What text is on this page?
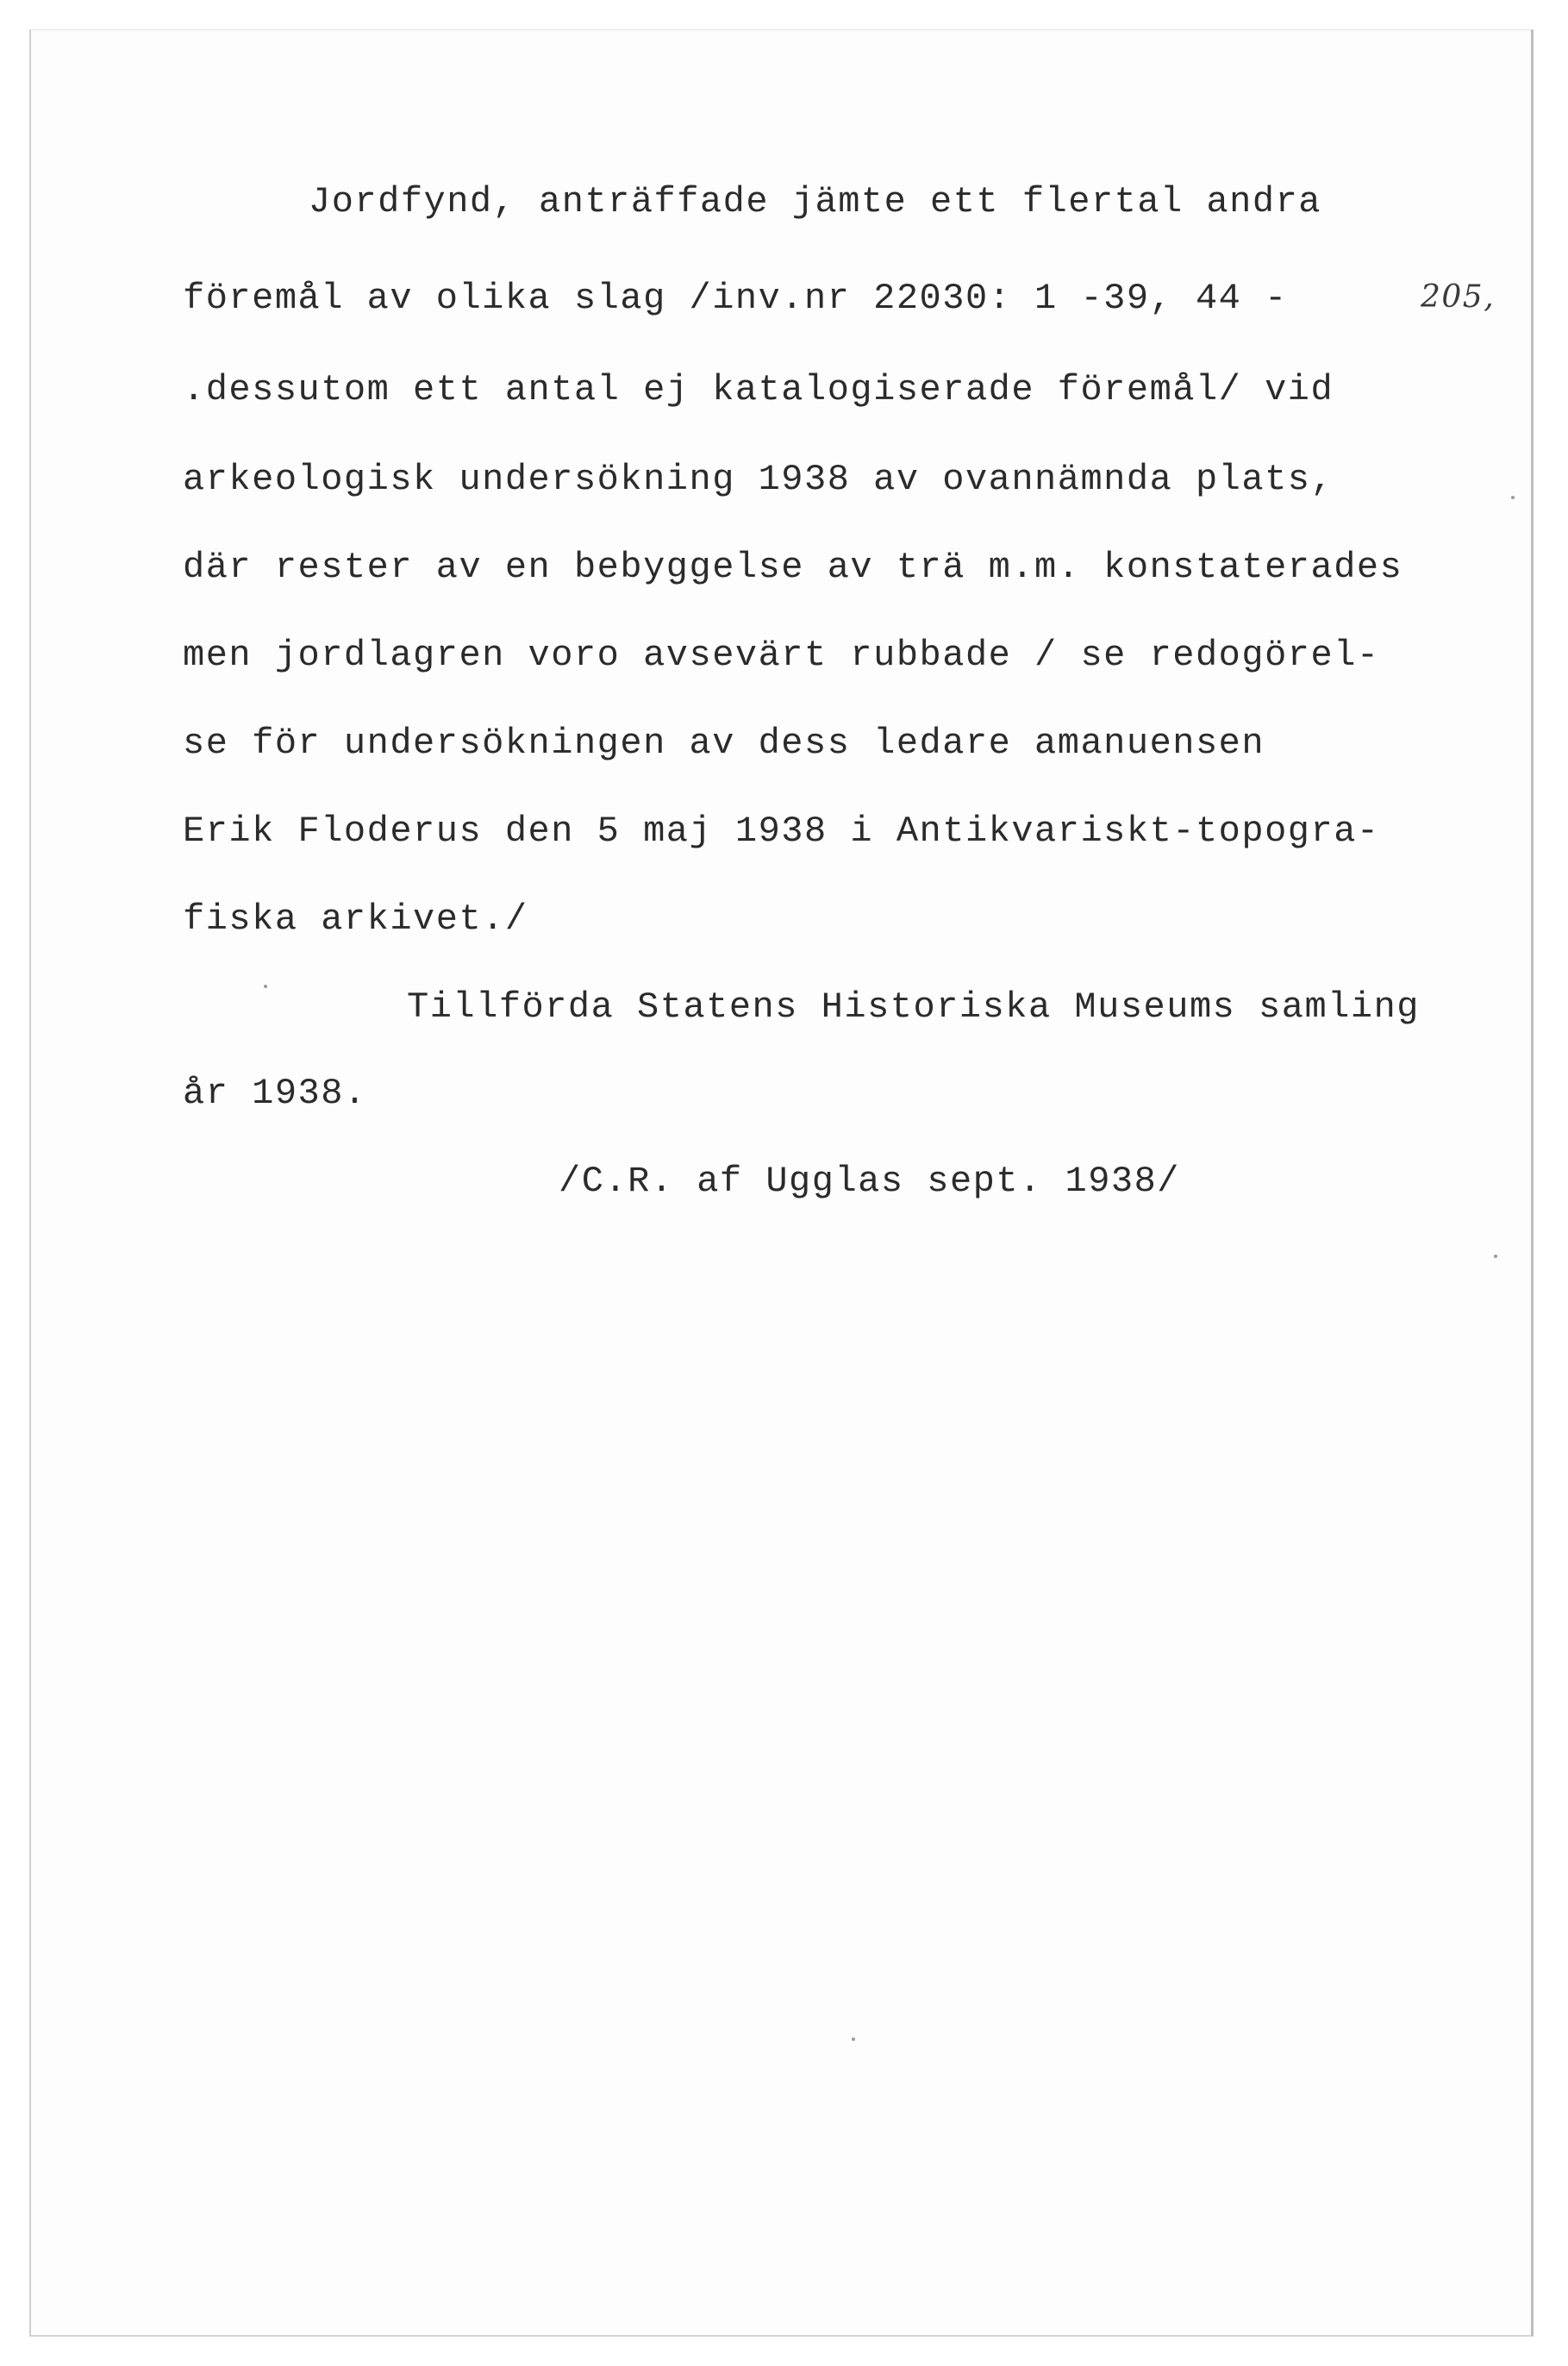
Jordfynd, anträffade jämte ett flertal andra
föremål av olika slag /inv.nr 22030: 1 -39, 44 -	205,
.dessutom ett antal ej katalogiserade föremål/ vid
arkeologisk undersökning 1938 av ovannämnda plats,
där rester av en bebyggelse av trä m.m. konstaterades
men jordlagren voro avsevärt rubbade / se redogörel-
se för undersökningen av dess ledare amanuensen
Erik Floderus den 5 maj 1938 i Antikvariskt-topogra-
fiska arkivet./
Tillförda Statens Historiska Museums samling
år 1938.
/C.R. af Ugglas sept. 1938/
